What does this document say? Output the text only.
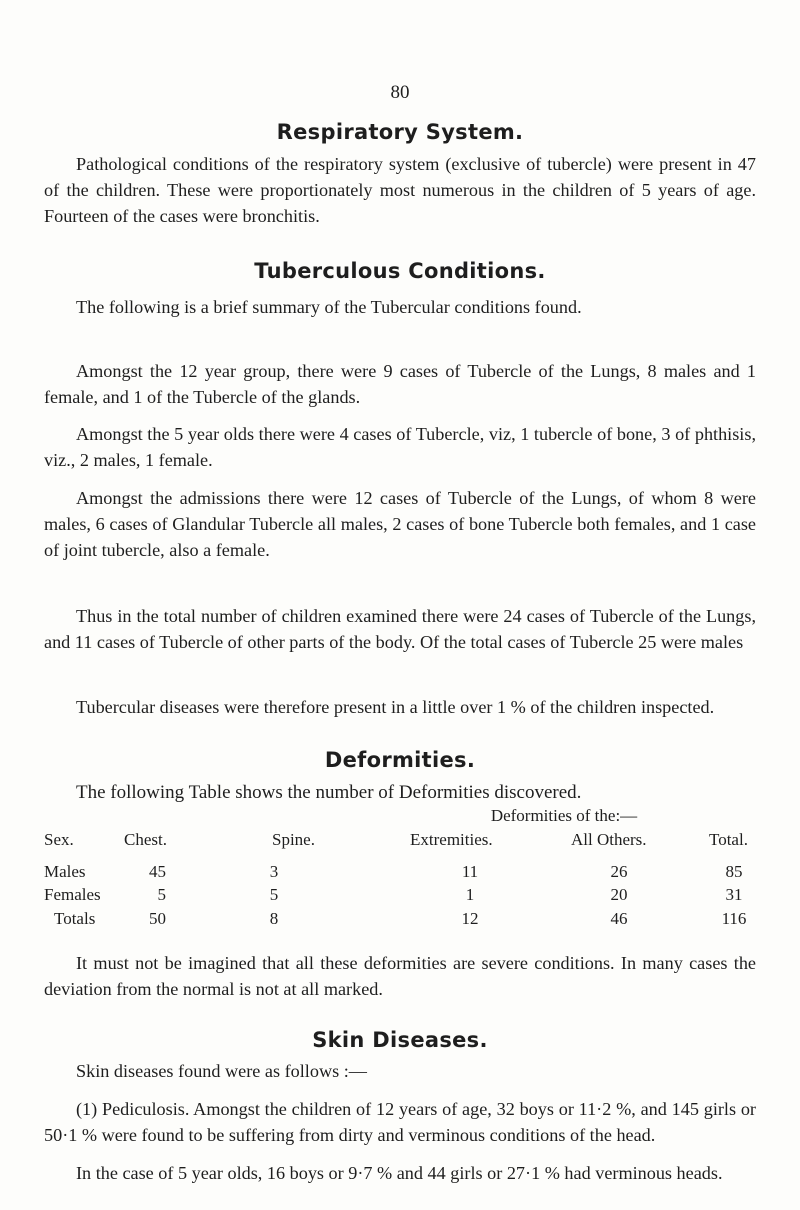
80
Respiratory System.

Pathological conditions of the respiratory system (exclusive of tubercle) were present in 47 of the children. These were proportionately most numerous in the children of 5 years of age. Fourteen of the cases were bronchitis.

Tuberculous Conditions.

The following is a brief summary of the Tubercular conditions found.

Amongst the 12 year group, there were 9 cases of Tubercle of the Lungs, 8 males and 1 female, and 1 of the Tubercle of the glands.

Amongst the 5 year olds there were 4 cases of Tubercle, viz, 1 tubercle of bone, 3 of phthisis, viz., 2 males, 1 female.

Amongst the admissions there were 12 cases of Tubercle of the Lungs, of whom 8 were males, 6 cases of Glandular Tubercle all males, 2 cases of bone Tubercle both females, and 1 case of joint tubercle, also a female.

Thus in the total number of children examined there were 24 cases of Tubercle of the Lungs, and 11 cases of Tubercle of other parts of the body. Of the total cases of Tubercle 25 were males

Tubercular diseases were therefore present in a little over 1 % of the children inspected.

Deformities.

The following Table shows the number of Deformities discovered.

Deformities of the:—
Sex.	Chest.	Spine.	Extremities.	All Others.	Total.
Males	45	3	11	26	85
Females	5	5	1	20	31
Totals	50	8	12	46	116

It must not be imagined that all these deformities are severe conditions. In many cases the deviation from the normal is not at all marked.

Skin Diseases.

Skin diseases found were as follows :—

(1) Pediculosis. Amongst the children of 12 years of age, 32 boys or 11·2 %, and 145 girls or 50·1 % were found to be suffering from dirty and verminous conditions of the head.

In the case of 5 year olds, 16 boys or 9·7 % and 44 girls or 27·1 % had verminous heads.
